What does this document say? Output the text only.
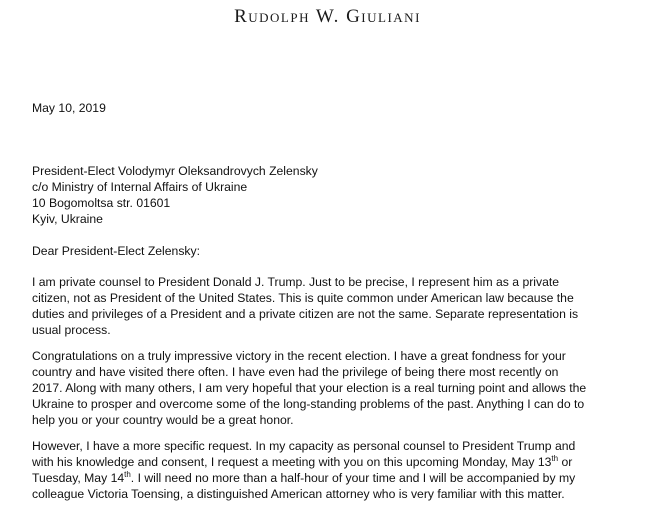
Rudolph W. Giuliani
May 10, 2019
President-Elect Volodymyr Oleksandrovych Zelensky
c/o Ministry of Internal Affairs of Ukraine
10 Bogomoltsa str. 01601
Kyiv, Ukraine
Dear President-Elect Zelensky:
I am private counsel to President Donald J. Trump. Just to be precise, I represent him as a private
citizen, not as President of the United States. This is quite common under American law because the
duties and privileges of a President and a private citizen are not the same. Separate representation is
usual process.
Congratulations on a truly impressive victory in the recent election. I have a great fondness for your
country and have visited there often. I have even had the privilege of being there most recently on
2017. Along with many others, I am very hopeful that your election is a real turning point and allows the
Ukraine to prosper and overcome some of the long-standing problems of the past. Anything I can do to
help you or your country would be a great honor.
However, I have a more specific request. In my capacity as personal counsel to President Trump and
with his knowledge and consent, I request a meeting with you on this upcoming Monday, May 13th or
Tuesday, May 14th. I will need no more than a half-hour of your time and I will be accompanied by my
colleague Victoria Toensing, a distinguished American attorney who is very familiar with this matter.
